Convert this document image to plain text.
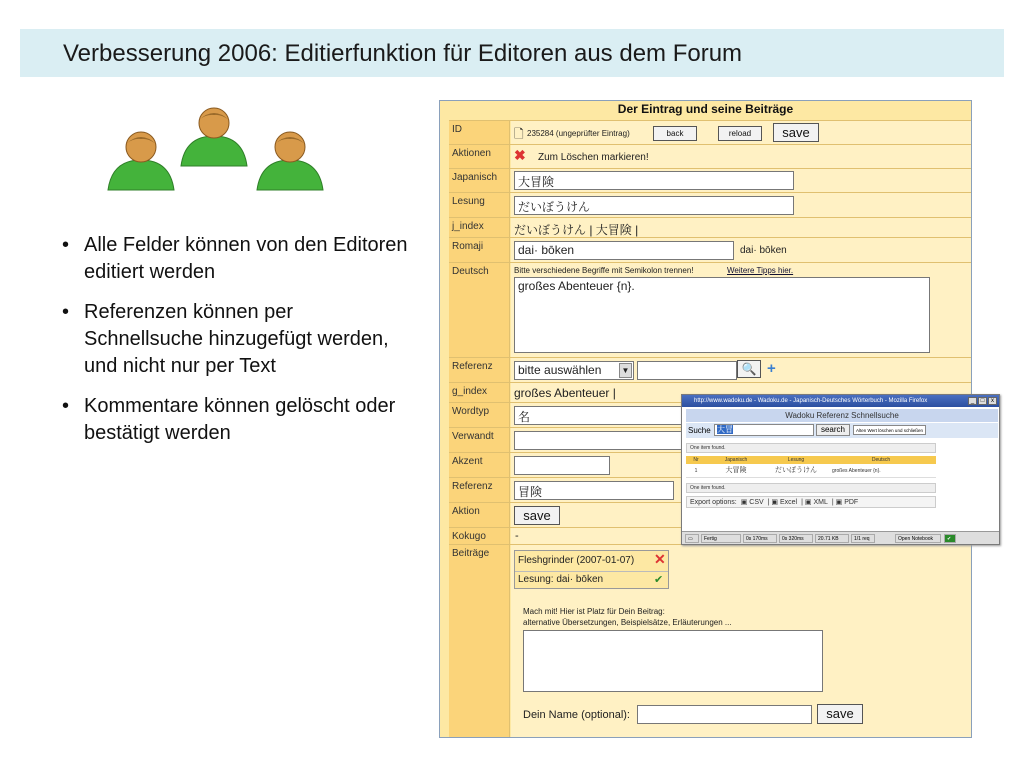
Verbesserung 2006: Editierfunktion für Editoren aus dem Forum
• Alle Felder können von den Editoren editiert werden
• Referenzen können per Schnellsuche hinzugefügt werden, und nicht nur per Text
• Kommentare können gelöscht oder bestätigt werden
Der Eintrag und seine Beiträge
ID	🗋 235284 (ungeprüfter Eintrag)	back	reload	save
Aktionen	✖ Zum Löschen markieren!
Japanisch	大冒険
Lesung	だいぼうけん
j_index	だいぼうけん | 大冒険 |
Romaji	dai· bōken	dai· bōken
Deutsch	Bitte verschiedene Begriffe mit Semikolon trennen!	Weitere Tipps hier.
großes Abenteuer {n}.
Referenz	bitte auswählen	▼	🔍 +
g_index	großes Abenteuer |
Wordtyp	名
Verwandt
Akzent
Referenz	冒険
Aktion	save
Kokugo	-
Beiträge
Fleshgrinder (2007-01-07) ✕
Lesung: dai· bōken	✔
Mach mit! Hier ist Platz für Dein Beitrag:
alternative Übersetzungen, Beispielsätze, Erläuterungen ...
Dein Name (optional):	save
http://www.wadoku.de - Wadoku.de - Japanisch-Deutsches Wörterbuch - Mozilla Firefox	_	□	x
Wadoku Referenz Schnellsuche
Suche 大冒	search	Alten Wert löschen und schließen
One item found.
Nr	Japanisch	Lesung	Deutsch
1	大冒険	だいぼうけん	großes Abenteuer {n}.
One item found.
Export options: ▣ CSV | ▣ Excel | ▣ XML | ▣ PDF
▭	Fertig	0s 170ms	0s 320ms	20.71 KB	1/1 req	Open Notebook	✔
